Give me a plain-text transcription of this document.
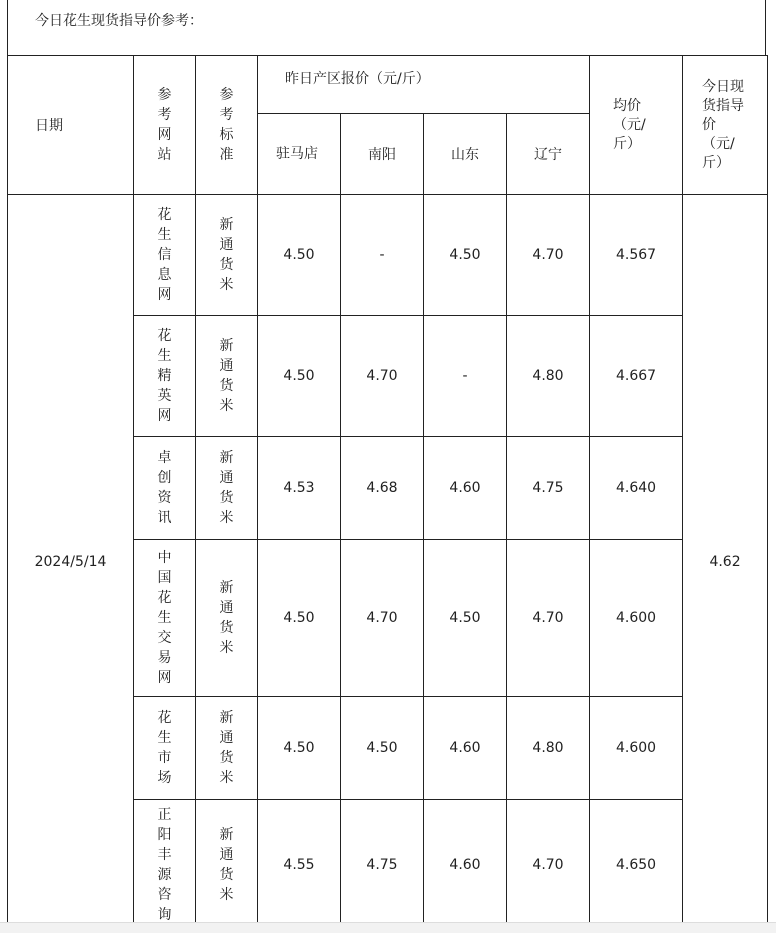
今日花生现货指导价参考：
日期	参考网站	参考标准	昨日产区报价（元/斤）				均价（元/斤）	今日现货指导价（元/斤）
			驻马店	南阳	山东	辽宁		
2024/5/14	花生信息网	新通货米	4.50	-	4.50	4.70	4.567	4.62

	花生精英网	新通货米	4.50	4.70	-	4.80	4.667	

	卓创资讯	新通货米	4.53	4.68	4.60	4.75	4.640	

	中国花生交易网	新通货米	4.50	4.70	4.50	4.70	4.600	

	花生市场	新通货米	4.50	4.50	4.60	4.80	4.600	

	正阳丰源咨询	新通货米	4.55	4.75	4.60	4.70	4.650	
